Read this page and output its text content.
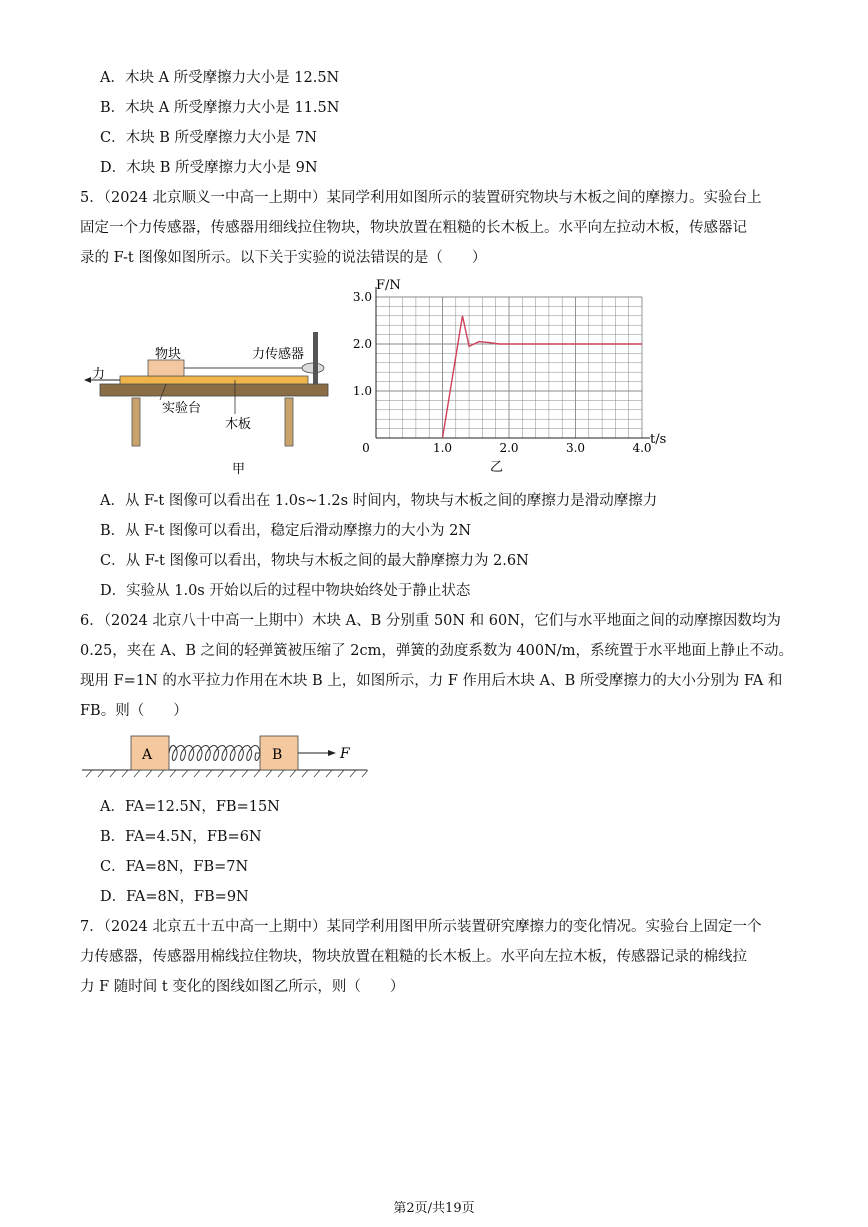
A．木块 A 所受摩擦力大小是 12.5N
B．木块 A 所受摩擦力大小是 11.5N
C．木块 B 所受摩擦力大小是 7N
D．木块 B 所受摩擦力大小是 9N
5．（2024 北京顺义一中高一上期中）某同学利用如图所示的装置研究物块与木板之间的摩擦力。实验台上
固定一个力传感器，传感器用细线拉住物块，物块放置在粗糙的长木板上。水平向左拉动木板，传感器记
录的 F-t 图像如图所示。以下关于实验的说法错误的是（　　）
物块	力传感器
力
实验台
木板
甲
3.0
2.0
1.0
0	1.0	2.0	3.0	4.0
F/N
t/s
乙
A．从 F-t 图像可以看出在 1.0s~1.2s 时间内，物块与木板之间的摩擦力是滑动摩擦力
B．从 F-t 图像可以看出，稳定后滑动摩擦力的大小为 2N
C．从 F-t 图像可以看出，物块与木板之间的最大静摩擦力为 2.6N
D．实验从 1.0s 开始以后的过程中物块始终处于静止状态
6．（2024 北京八十中高一上期中）木块 A、B 分别重 50N 和 60N，它们与水平地面之间的动摩擦因数均为
0.25，夹在 A、B 之间的轻弹簧被压缩了 2cm，弹簧的劲度系数为 400N/m，系统置于水平地面上静止不动。
现用 F=1N 的水平拉力作用在木块 B 上，如图所示，力 F 作用后木块 A、B 所受摩擦力的大小分别为 FA 和
FB。则（　　）
A	B	F
A．FA=12.5N，FB=15N
B．FA=4.5N，FB=6N
C．FA=8N，FB=7N
D．FA=8N，FB=9N
7．（2024 北京五十五中高一上期中）某同学利用图甲所示装置研究摩擦力的变化情况。实验台上固定一个
力传感器，传感器用棉线拉住物块，物块放置在粗糙的长木板上。水平向左拉木板，传感器记录的棉线拉
力 F 随时间 t 变化的图线如图乙所示，则（　　）
第2页/共19页
